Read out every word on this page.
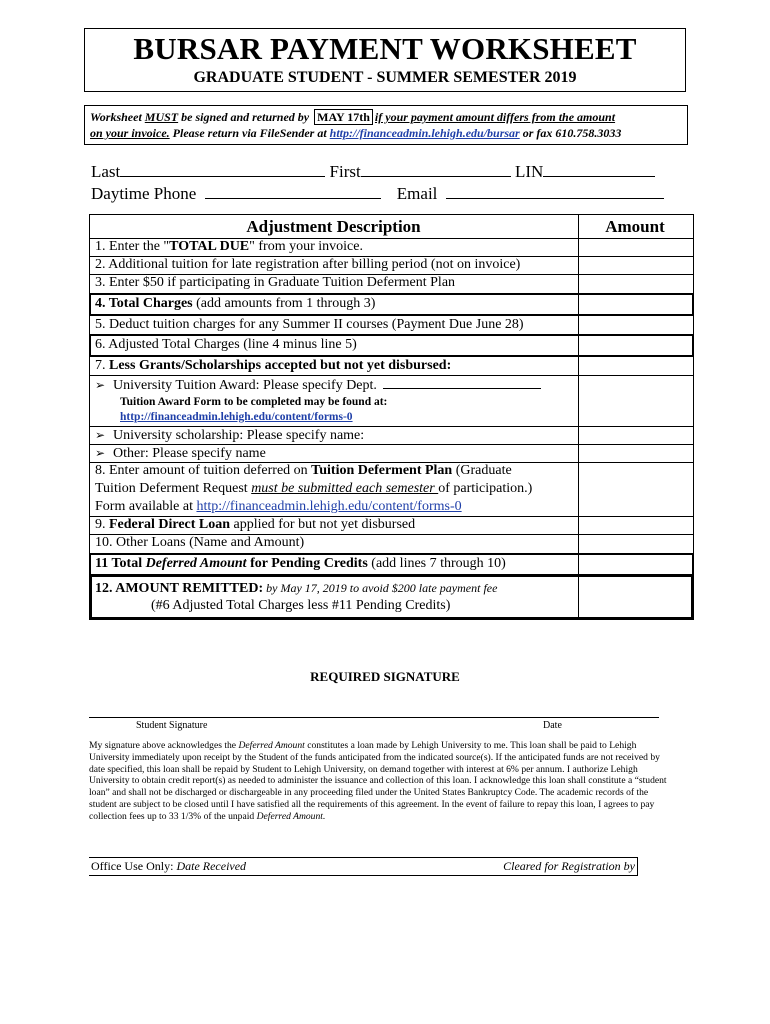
BURSAR PAYMENT WORKSHEET
GRADUATE STUDENT - SUMMER SEMESTER 2019
Worksheet MUST be signed and returned by MAY 17th if your payment amount differs from the amount
on your invoice. Please return via FileSender at http://financeadmin.lehigh.edu/bursar or fax 610.758.3033
Last	First	LIN
Daytime Phone	Email
Adjustment Description	Amount
1. Enter the "TOTAL DUE" from your invoice.
2. Additional tuition for late registration after billing period (not on invoice)
3. Enter $50 if participating in Graduate Tuition Deferment Plan
4. Total Charges (add amounts from 1 through 3)
5. Deduct tuition charges for any Summer II courses (Payment Due June 28)
6. Adjusted Total Charges (line 4 minus line 5)
7. Less Grants/Scholarships accepted but not yet disbursed:
➢ University Tuition Award: Please specify Dept.
Tuition Award Form to be completed may be found at:
http://financeadmin.lehigh.edu/content/forms-0
➢ University scholarship: Please specify name:
➢ Other: Please specify name
8. Enter amount of tuition deferred on Tuition Deferment Plan (Graduate
Tuition Deferment Request must be submitted each semester of participation.)
Form available at http://financeadmin.lehigh.edu/content/forms-0
9. Federal Direct Loan applied for but not yet disbursed
10. Other Loans (Name and Amount)
11 Total Deferred Amount for Pending Credits (add lines 7 through 10)
12. AMOUNT REMITTED: by May 17, 2019 to avoid $200 late payment fee
(#6 Adjusted Total Charges less #11 Pending Credits)
REQUIRED SIGNATURE
Student Signature	Date
My signature above acknowledges the Deferred Amount constitutes a loan made by Lehigh University to me. This loan shall be paid to Lehigh University immediately upon receipt by the Student of the funds anticipated from the indicated source(s). If the anticipated funds are not received by date specified, this loan shall be repaid by Student to Lehigh University, on demand together with interest at 6% per annum. I authorize Lehigh University to obtain credit report(s) as needed to administer the issuance and collection of this loan. I acknowledge this loan shall constitute a “student loan” and shall not be discharged or dischargeable in any proceeding filed under the United States Bankruptcy Code. The academic records of the student are subject to be closed until I have satisfied all the requirements of this agreement. In the event of failure to repay this loan, I agrees to pay collection fees up to 33 1/3% of the unpaid Deferred Amount.
Office Use Only: Date Received	Cleared for Registration by
